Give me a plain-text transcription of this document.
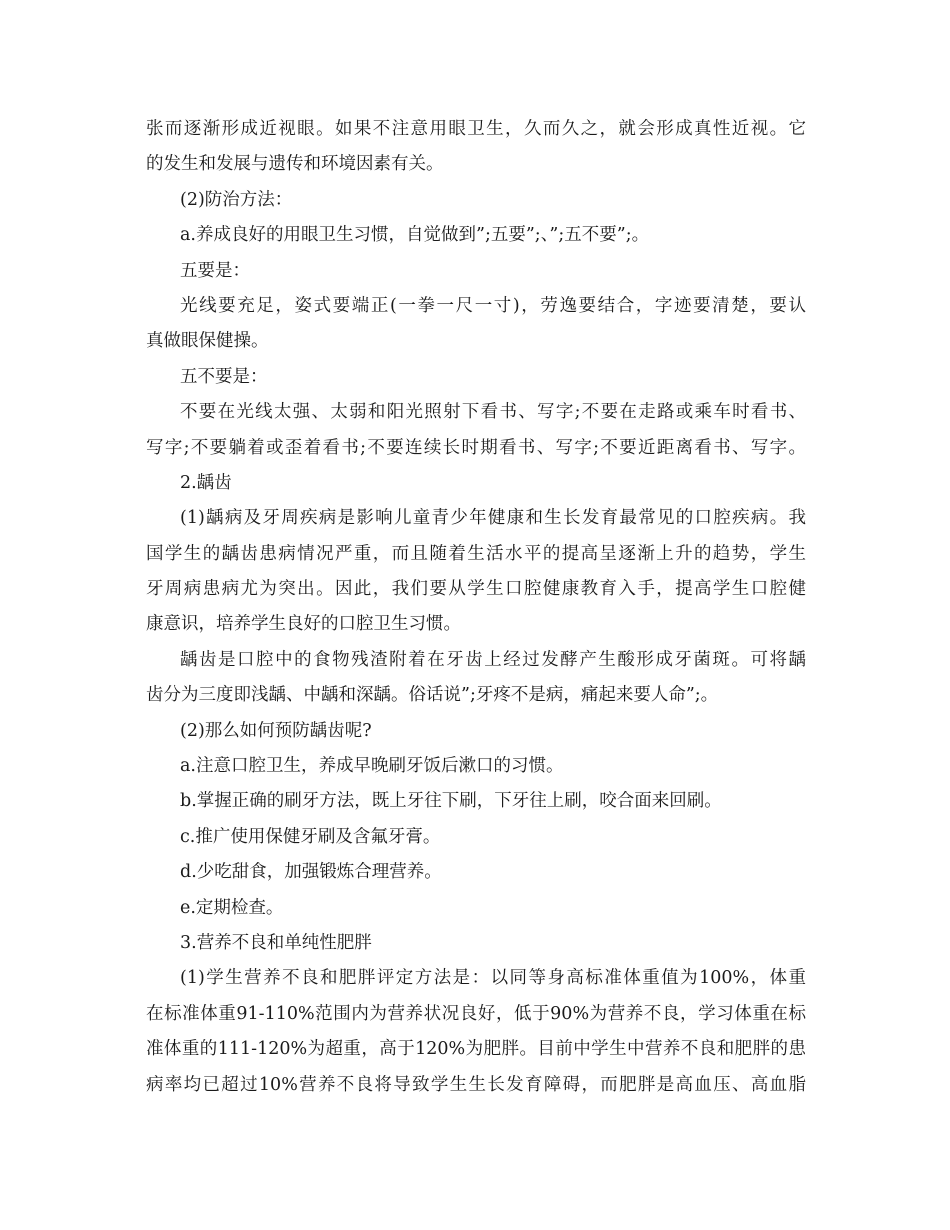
张而逐渐形成近视眼。如果不注意用眼卫生，久而久之，就会形成真性近视。它
的发生和发展与遗传和环境因素有关。
(2)防治方法：
a.养成良好的用眼卫生习惯，自觉做到”;五要”;、”;五不要”;。
五要是：
光线要充足，姿式要端正(一拳一尺一寸)，劳逸要结合，字迹要清楚，要认
真做眼保健操。
五不要是：
不要在光线太强、太弱和阳光照射下看书、写字;不要在走路或乘车时看书、
写字;不要躺着或歪着看书;不要连续长时期看书、写字;不要近距离看书、写字。
2.龋齿
(1)龋病及牙周疾病是影响儿童青少年健康和生长发育最常见的口腔疾病。我
国学生的龋齿患病情况严重，而且随着生活水平的提高呈逐渐上升的趋势，学生
牙周病患病尤为突出。因此，我们要从学生口腔健康教育入手，提高学生口腔健
康意识，培养学生良好的口腔卫生习惯。
龋齿是口腔中的食物残渣附着在牙齿上经过发酵产生酸形成牙菌斑。可将龋
齿分为三度即浅龋、中龋和深龋。俗话说”;牙疼不是病，痛起来要人命”;。
(2)那么如何预防龋齿呢?
a.注意口腔卫生，养成早晚刷牙饭后漱口的习惯。
b.掌握正确的刷牙方法，既上牙往下刷，下牙往上刷，咬合面来回刷。
c.推广使用保健牙刷及含氟牙膏。
d.少吃甜食，加强锻炼合理营养。
e.定期检查。
3.营养不良和单纯性肥胖
(1)学生营养不良和肥胖评定方法是：以同等身高标准体重值为100%，体重
在标准体重91-110%范围内为营养状况良好，低于90%为营养不良，学习体重在标
准体重的111-120%为超重，高于120%为肥胖。目前中学生中营养不良和肥胖的患
病率均已超过10%营养不良将导致学生生长发育障碍，而肥胖是高血压、高血脂
